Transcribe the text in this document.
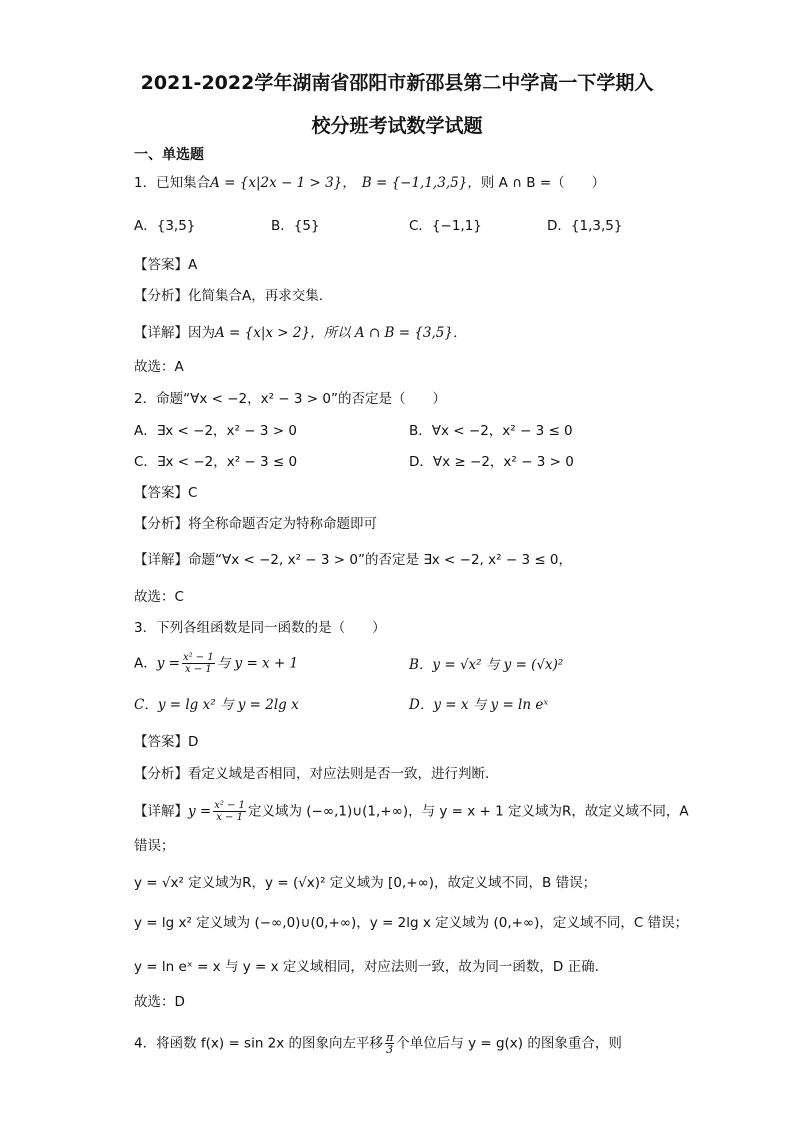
2021-2022学年湖南省邵阳市新邵县第二中学高一下学期入
校分班考试数学试题
一、单选题
1．已知集合A = {x|2x − 1 > 3}， B = {−1,1,3,5}，则 A ∩ B =（　　）
A．{3,5}	B．{5}	C．{−1,1}	D．{1,3,5}
【答案】A
【分析】化简集合A，再求交集.
【详解】因为A = {x|x > 2}，所以 A ∩ B = {3,5}．
故选：A
2．命题“∀x < −2，x² − 3 > 0”的否定是（　　）
A．∃x < −2，x² − 3 > 0	B．∀x < −2，x² − 3 ≤ 0
C．∃x < −2，x² − 3 ≤ 0	D．∀x ≥ −2，x² − 3 > 0
【答案】C
【分析】将全称命题否定为特称命题即可
【详解】命题“∀x < −2, x² − 3 > 0”的否定是 ∃x < −2, x² − 3 ≤ 0，
故选：C
3．下列各组函数是同一函数的是（　　）
A．$y = \frac{\text{x² − 1}}{x - 1}$ 与 y = x + 1	B．y = √x² 与 y = (√x)²
C．y = lg x² 与 y = 2lg x	D．y = x 与 y = ln eˣ
【答案】D
【分析】看定义域是否相同，对应法则是否一致，进行判断.
【详解】$y = \frac{\text{x² − 1}}{x - 1}$ 定义域为 (−∞,1)∪(1,+∞)，与 y = x + 1 定义域为R，故定义域不同，A
错误；
y = √x² 定义域为R，y = (√x)² 定义域为 [0,+∞)，故定义域不同，B 错误；
y = lg x² 定义域为 (−∞,0)∪(0,+∞)，y = 2lg x 定义域为 (0,+∞)，定义域不同，C 错误；
y = ln eˣ = x 与 y = x 定义域相同，对应法则一致，故为同一函数，D 正确.
故选：D
4．将函数 f(x) = sin 2x 的图象向左平移 $\frac{\pi}{3}$ 个单位后与 y = g(x) 的图象重合，则
